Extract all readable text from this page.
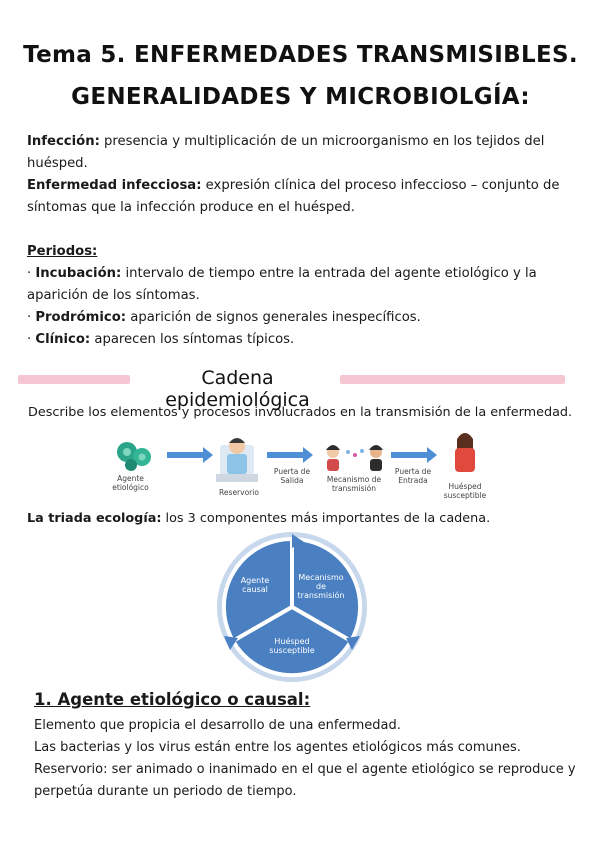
Tema 5. ENFERMEDADES TRANSMISIBLES.
GENERALIDADES Y MICROBIOLGÍA:
Infección: presencia y multiplicación de un microorganismo en los tejidos del huésped.
Enfermedad infecciosa: expresión clínica del proceso infeccioso – conjunto de síntomas que la infección produce en el huésped.
Periodos:
· Incubación: intervalo de tiempo entre la entrada del agente etiológico y la aparición de los síntomas.
· Prodrómico: aparición de signos generales inespecíficos.
· Clínico: aparecen los síntomas típicos.
Cadena epidemiológica
Describe los elementos y procesos involucrados en la transmisión de la enfermedad.
Agente etiológico
Reservorio
Puerta de Salida	Mecanismo de transmisión
Puerta de Entrada
Huésped susceptible
La triada ecología: los 3 componentes más importantes de la cadena.
Agente causal
Mecanismo de transmisión
Huésped susceptible
1. Agente etiológico o causal:
Elemento que propicia el desarrollo de una enfermedad.
Las bacterias y los virus están entre los agentes etiológicos más comunes.
Reservorio: ser animado o inanimado en el que el agente etiológico se reproduce y perpetúa durante un periodo de tiempo.
